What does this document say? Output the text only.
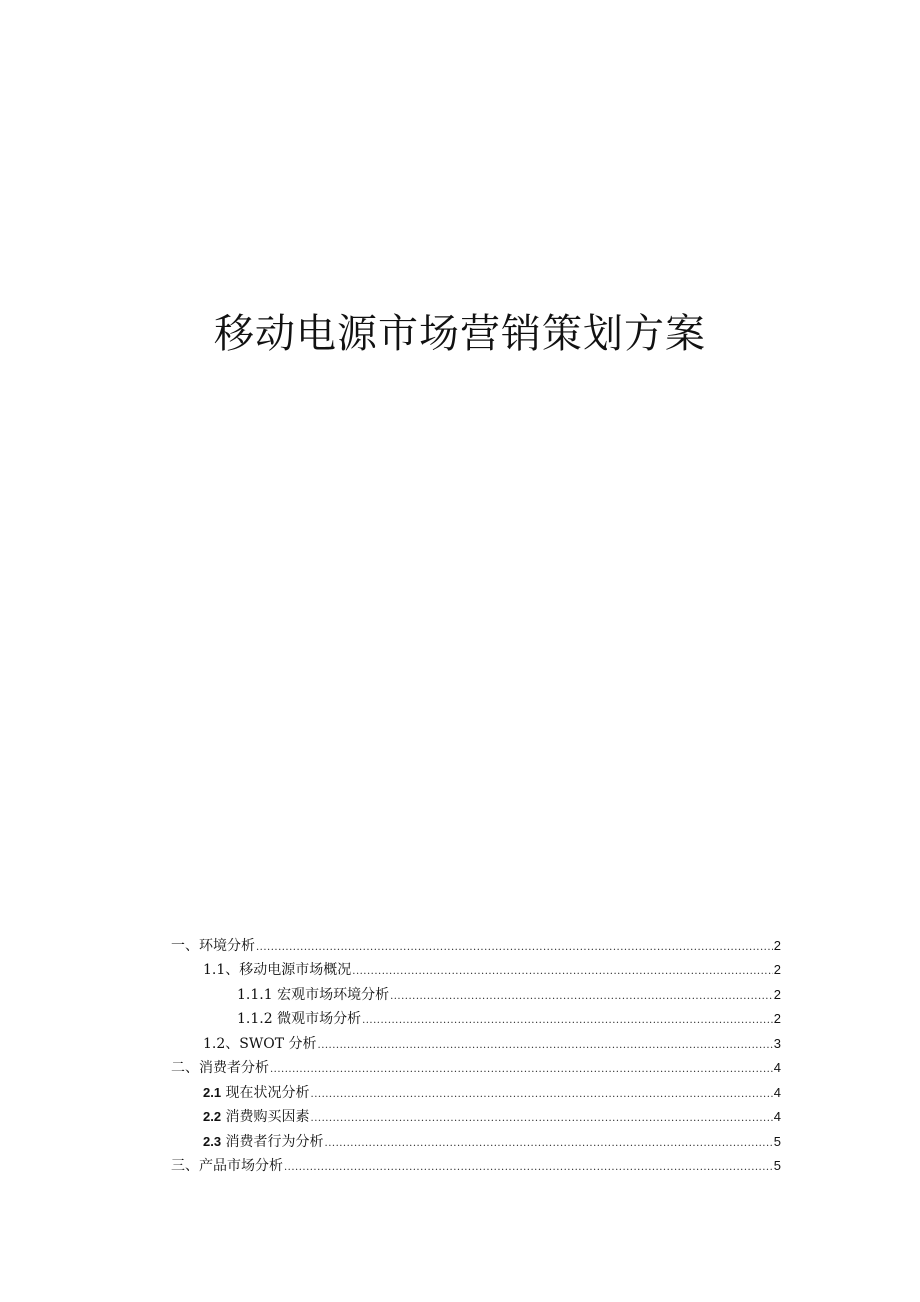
移动电源市场营销策划方案
一、环境分析 .....	2
1.1、移动电源市场概况 .....	2
1.1.1 宏观市场环境分析 .....	2
1.1.2 微观市场分析 .....	2
1.2、SWOT 分析 .....	3
二、消费者分析 .....	4
2.1 现在状况分析 .....	4
2.2 消费购买因素 .....	4
2.3 消费者行为分析 .....	5
三、产品市场分析 .....	5
